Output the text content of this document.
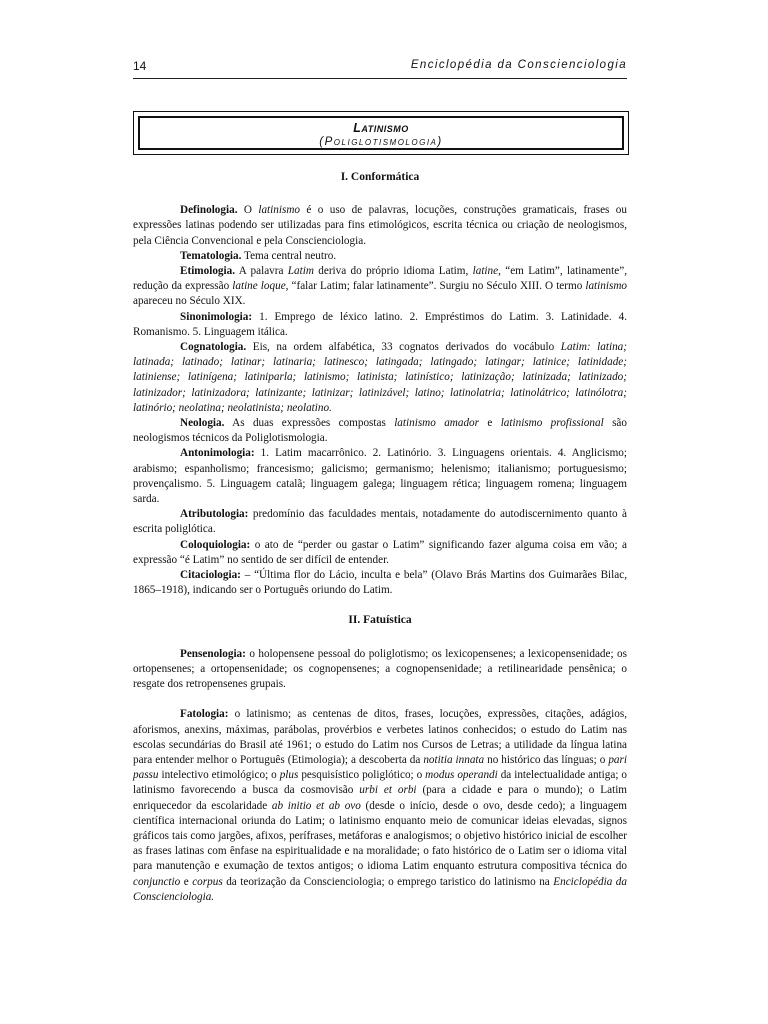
14	Enciclopédia da Conscienciologia
Latinismo
(Poliglotismologia)
I. Conformática

Definologia. O latinismo é o uso de palavras, locuções, construções gramaticais, frases ou expressões latinas podendo ser utilizadas para fins etimológicos, escrita técnica ou criação de neologismos, pela Ciência Convencional e pela Conscienciologia.

Tematologia. Tema central neutro.

Etimologia. A palavra Latim deriva do próprio idioma Latim, latine, “em Latim”, latinamente”, redução da expressão latine loque, “falar Latim; falar latinamente”. Surgiu no Século XIII. O termo latinismo apareceu no Século XIX.

Sinonimologia: 1. Emprego de léxico latino. 2. Empréstimos do Latim. 3. Latinidade. 4. Romanismo. 5. Linguagem itálica.

Cognatologia. Eis, na ordem alfabética, 33 cognatos derivados do vocábulo Latim: latina; latinada; latinado; latinar; latinaria; latinesco; latingada; latingado; latingar; latinice; latinidade; latiniense; latinígena; latiniparla; latinismo; latinista; latinístico; latinização; latinizada; latinizado; latinizador; latinizadora; latinizante; latinizar; latinizável; latino; latinolatria; latinolátrico; latinólotra; latinório; neolatina; neolatinista; neolatino.

Neologia. As duas expressões compostas latinismo amador e latinismo profissional são neologismos técnicos da Poliglotismologia.

Antonimologia: 1. Latim macarrônico. 2. Latinório. 3. Linguagens orientais. 4. Anglicismo; arabismo; espanholismo; francesismo; galicismo; germanismo; helenismo; italianismo; portuguesismo; provençalismo. 5. Linguagem catalã; linguagem galega; linguagem rética; linguagem romena; linguagem sarda.

Atributologia: predomínio das faculdades mentais, notadamente do autodiscernimento quanto à escrita poliglótica.

Coloquiologia: o ato de “perder ou gastar o Latim” significando fazer alguma coisa em vão; a expressão “é Latim” no sentido de ser difícil de entender.

Citaciologia: – “Última flor do Lácio, inculta e bela” (Olavo Brás Martins dos Guimarães Bilac, 1865–1918), indicando ser o Português oriundo do Latim.

II. Fatuística

Pensenologia: o holopensene pessoal do poliglotismo; os lexicopensenes; a lexicopensenidade; os ortopensenes; a ortopensenidade; os cognopensenes; a cognopensenidade; a retilinearidade pensênica; o resgate dos retropensenes grupais.

Fatologia: o latinismo; as centenas de ditos, frases, locuções, expressões, citações, adágios, aforismos, anexins, máximas, parábolas, provérbios e verbetes latinos conhecidos; o estudo do Latim nas escolas secundárias do Brasil até 1961; o estudo do Latim nos Cursos de Letras; a utilidade da língua latina para entender melhor o Português (Etimologia); a descoberta da notitia innata no histórico das línguas; o pari passu intelectivo etimológico; o plus pesquisístico poliglótico; o modus operandi da intelectualidade antiga; o latinismo favorecendo a busca da cosmovisão urbi et orbi (para a cidade e para o mundo); o Latim enriquecedor da escolaridade ab initio et ab ovo (desde o início, desde o ovo, desde cedo); a linguagem científica internacional oriunda do Latim; o latinismo enquanto meio de comunicar ideias elevadas, signos gráficos tais como jargões, afixos, perífrases, metáforas e analogismos; o objetivo histórico inicial de escolher as frases latinas com ênfase na espiritualidade e na moralidade; o fato histórico de o Latim ser o idioma vital para manutenção e exumação de textos antigos; o idioma Latim enquanto estrutura compositiva técnica do conjunctio e corpus da teorização da Conscienciologia; o emprego taristico do latinismo na Enciclopédia da Conscienciologia.
